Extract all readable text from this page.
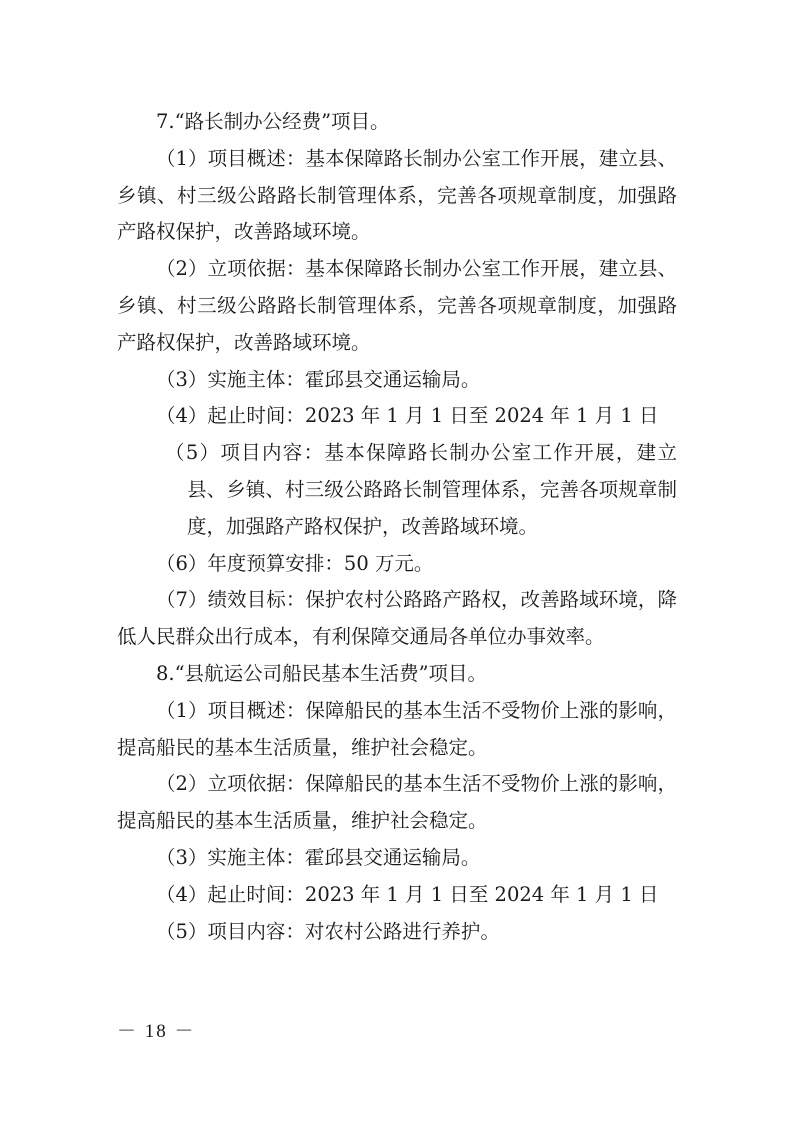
7.“路长制办公经费”项目。

（1）项目概述：基本保障路长制办公室工作开展，建立县、乡镇、村三级公路路长制管理体系，完善各项规章制度，加强路产路权保护，改善路域环境。

（2）立项依据：基本保障路长制办公室工作开展，建立县、乡镇、村三级公路路长制管理体系，完善各项规章制度，加强路产路权保护，改善路域环境。

（3）实施主体：霍邱县交通运输局。

（4）起止时间：2023 年 1 月 1 日至 2024 年 1 月 1 日

（5）项目内容：基本保障路长制办公室工作开展，建立县、乡镇、村三级公路路长制管理体系，完善各项规章制度，加强路产路权保护，改善路域环境。

（6）年度预算安排：50 万元。

（7）绩效目标：保护农村公路路产路权，改善路域环境，降低人民群众出行成本，有利保障交通局各单位办事效率。

8.“县航运公司船民基本生活费”项目。

（1）项目概述：保障船民的基本生活不受物价上涨的影响，提高船民的基本生活质量，维护社会稳定。

（2）立项依据：保障船民的基本生活不受物价上涨的影响，提高船民的基本生活质量，维护社会稳定。

（3）实施主体：霍邱县交通运输局。

（4）起止时间：2023 年 1 月 1 日至 2024 年 1 月 1 日

（5）项目内容：对农村公路进行养护。

－ 18 －
